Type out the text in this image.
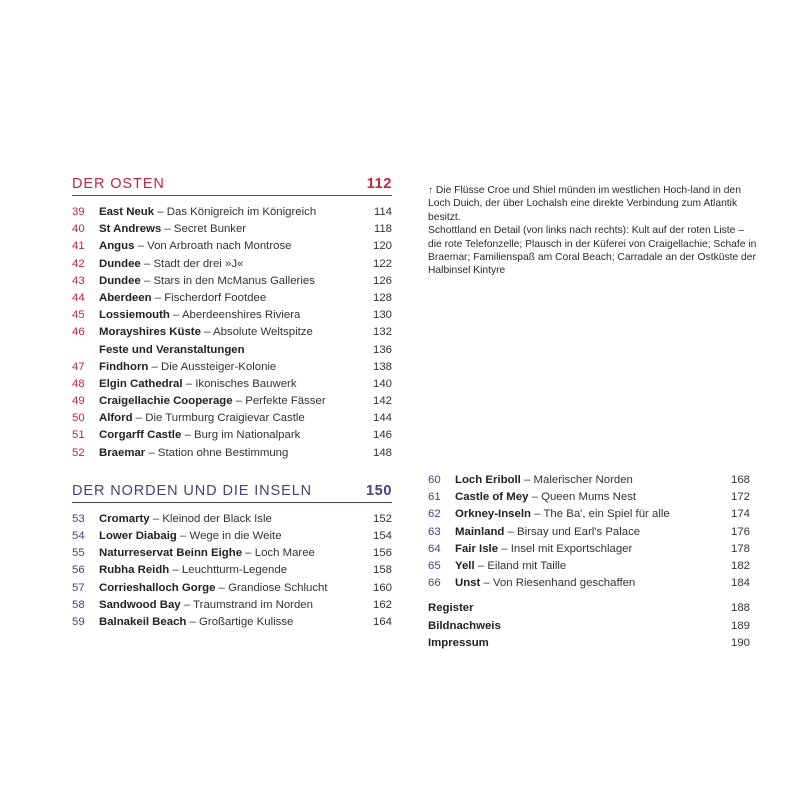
DER OSTEN	112
39	East Neuk – Das Königreich im Königreich	114
40	St Andrews – Secret Bunker	118
41	Angus – Von Arbroath nach Montrose	120
42	Dundee – Stadt der drei »J«	122
43	Dundee – Stars in den McManus Galleries	126
44	Aberdeen – Fischerdorf Footdee	128
45	Lossiemouth – Aberdeenshires Riviera	130
46	Morayshires Küste – Absolute Weltspitze	132
Feste und Veranstaltungen	136
47	Findhorn – Die Aussteiger-Kolonie	138
48	Elgin Cathedral – Ikonisches Bauwerk	140
49	Craigellachie Cooperage – Perfekte Fässer	142
50	Alford – Die Turmburg Craigievar Castle	144
51	Corgarff Castle – Burg im Nationalpark	146
52	Braemar – Station ohne Bestimmung	148
DER NORDEN UND DIE INSELN	150
53	Cromarty – Kleinod der Black Isle	152
54	Lower Diabaig – Wege in die Weite	154
55	Naturreservat Beinn Eighe – Loch Maree	156
56	Rubha Reidh – Leuchtturm-Legende	158
57	Corrieshalloch Gorge – Grandiose Schlucht	160
58	Sandwood Bay – Traumstrand im Norden	162
59	Balnakeil Beach – Großartige Kulisse	164

↑ Die Flüsse Croe und Shiel münden im westlichen Hoch-land in den Loch Duich, der über Lochalsh eine direkte Verbindung zum Atlantik besitzt.

Schottland en Detail (von links nach rechts): Kult auf der roten Liste – die rote Telefonzelle; Plausch in der Küferei von Craigellachie; Schafe in Braemar; Familienspaß am Coral Beach; Carradale an der Ostküste der Halbinsel Kintyre

60	Loch Eriboll – Malerischer Norden	168
61	Castle of Mey – Queen Mums Nest	172
62	Orkney-Inseln – The Ba', ein Spiel für alle	174
63	Mainland – Birsay und Earl's Palace	176
64	Fair Isle – Insel mit Exportschlager	178
65	Yell – Eiland mit Taille	182
66	Unst – Von Riesenhand geschaffen	184
Register	188
Bildnachweis	189
Impressum	190
